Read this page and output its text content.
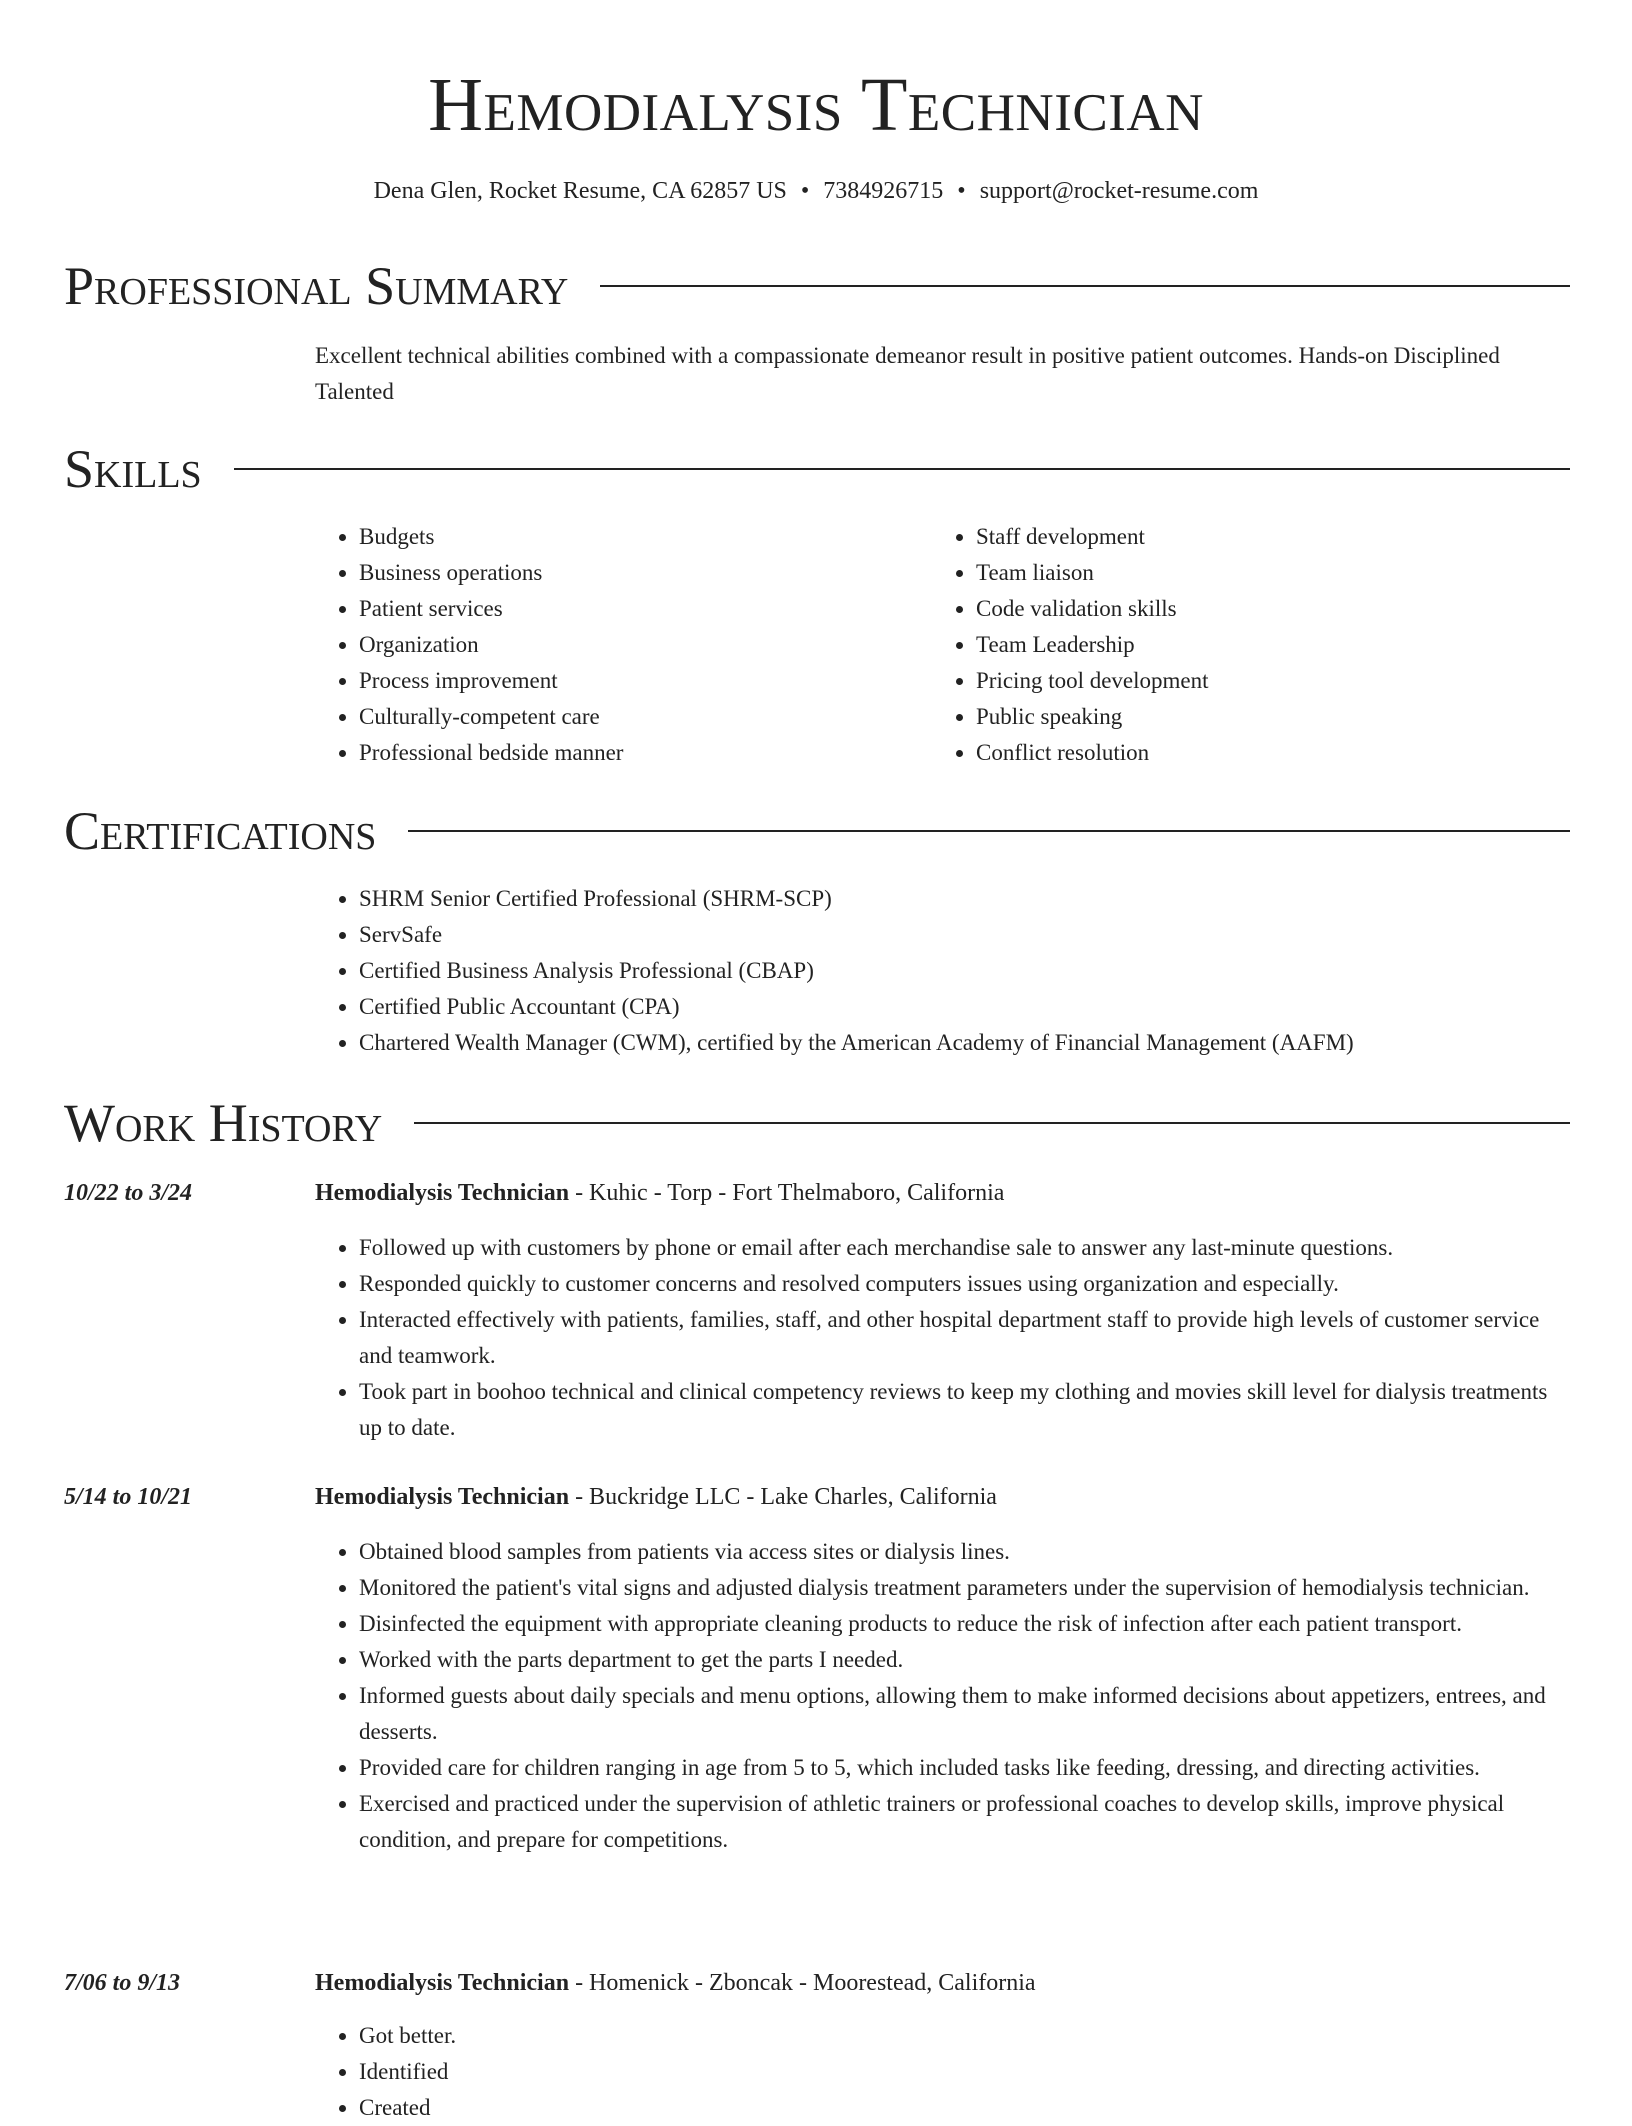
Hemodialysis Technician
Dena Glen, Rocket Resume, CA 62857 US • 7384926715 • support@rocket-resume.com
Professional Summary
Excellent technical abilities combined with a compassionate demeanor result in positive patient outcomes. Hands-on Disciplined Talented
Skills
• Budgets
• Business operations
• Patient services
• Organization
• Process improvement
• Culturally-competent care
• Professional bedside manner
• Staff development
• Team liaison
• Code validation skills
• Team Leadership
• Pricing tool development
• Public speaking
• Conflict resolution
Certifications
• SHRM Senior Certified Professional (SHRM-SCP)
• ServSafe
• Certified Business Analysis Professional (CBAP)
• Certified Public Accountant (CPA)
• Chartered Wealth Manager (CWM), certified by the American Academy of Financial Management (AAFM)
Work History
10/22 to 3/24	Hemodialysis Technician - Kuhic - Torp - Fort Thelmaboro, California
• Followed up with customers by phone or email after each merchandise sale to answer any last-minute questions.
• Responded quickly to customer concerns and resolved computers issues using organization and especially.
• Interacted effectively with patients, families, staff, and other hospital department staff to provide high levels of customer service and teamwork.
• Took part in boohoo technical and clinical competency reviews to keep my clothing and movies skill level for dialysis treatments up to date.
5/14 to 10/21	Hemodialysis Technician - Buckridge LLC - Lake Charles, California
• Obtained blood samples from patients via access sites or dialysis lines.
• Monitored the patient's vital signs and adjusted dialysis treatment parameters under the supervision of hemodialysis technician.
• Disinfected the equipment with appropriate cleaning products to reduce the risk of infection after each patient transport.
• Worked with the parts department to get the parts I needed.
• Informed guests about daily specials and menu options, allowing them to make informed decisions about appetizers, entrees, and desserts.
• Provided care for children ranging in age from 5 to 5, which included tasks like feeding, dressing, and directing activities.
• Exercised and practiced under the supervision of athletic trainers or professional coaches to develop skills, improve physical condition, and prepare for competitions.
7/06 to 9/13	Hemodialysis Technician - Homenick - Zboncak - Moorestead, California
• Got better.
• Identified
• Created
